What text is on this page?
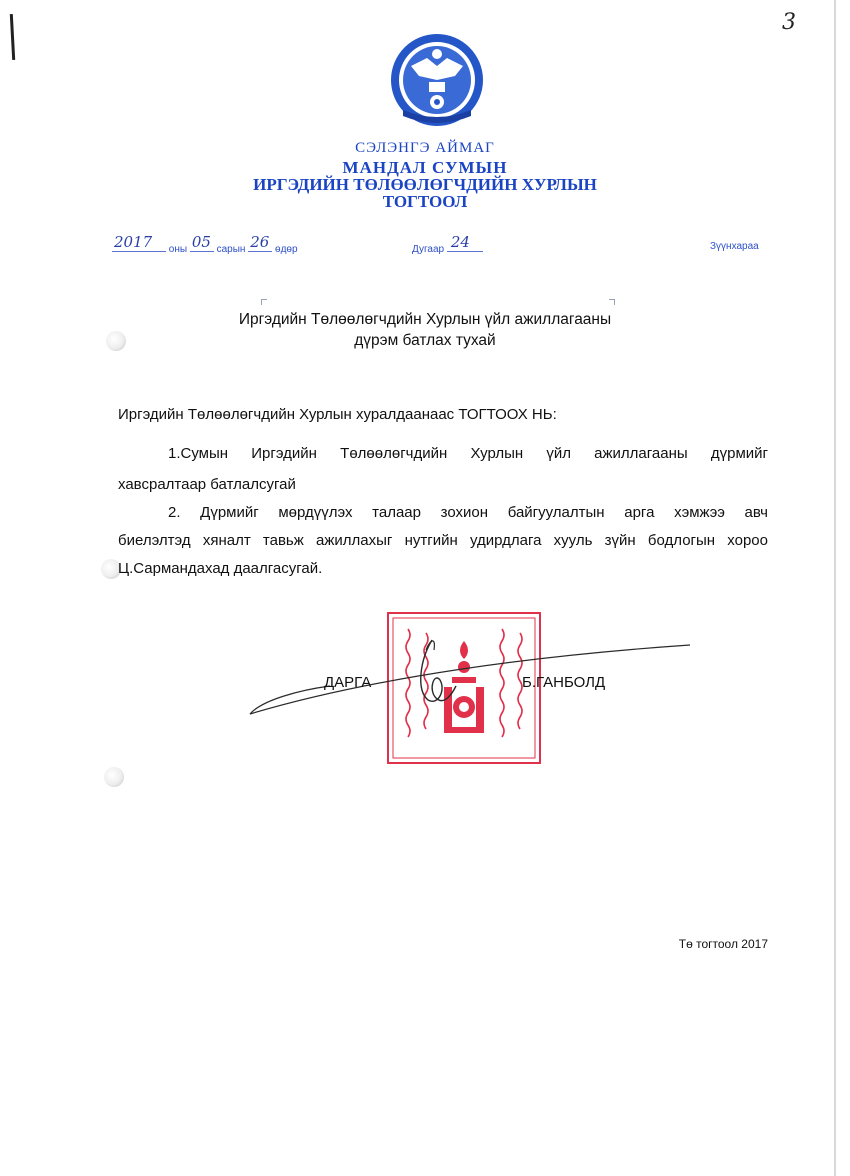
3
СЭЛЭНГЭ АЙМАГ
МАНДАЛ СУМЫН
ИРГЭДИЙН ТӨЛӨӨЛӨГЧДИЙН ХУРЛЫН
ТОГТООЛ
2017 оны 05 сарын 26 өдөр	Дугаар 24	Зүүнхараа
Иргэдийн Төлөөлөгчдийн Хурлын үйл ажиллагааны
дүрэм батлах тухай
Иргэдийн Төлөөлөгчдийн Хурлын хуралдаанаас ТОГТООХ НЬ:
1.Сумын Иргэдийн Төлөөлөгчдийн Хурлын үйл ажиллагааны дүрмийг
хавсралтаар батлалсугай
2. Дүрмийг мөрдүүлэх талаар зохион байгуулалтын арга хэмжээ авч
биелэлтэд хяналт тавьж ажиллахыг нутгийн удирдлага хууль зүйн бодлогын хороо
Ц.Сармандахад даалгасугай.
ДАРГА	Б.ГАНБОЛД
Тө тогтоол 2017
